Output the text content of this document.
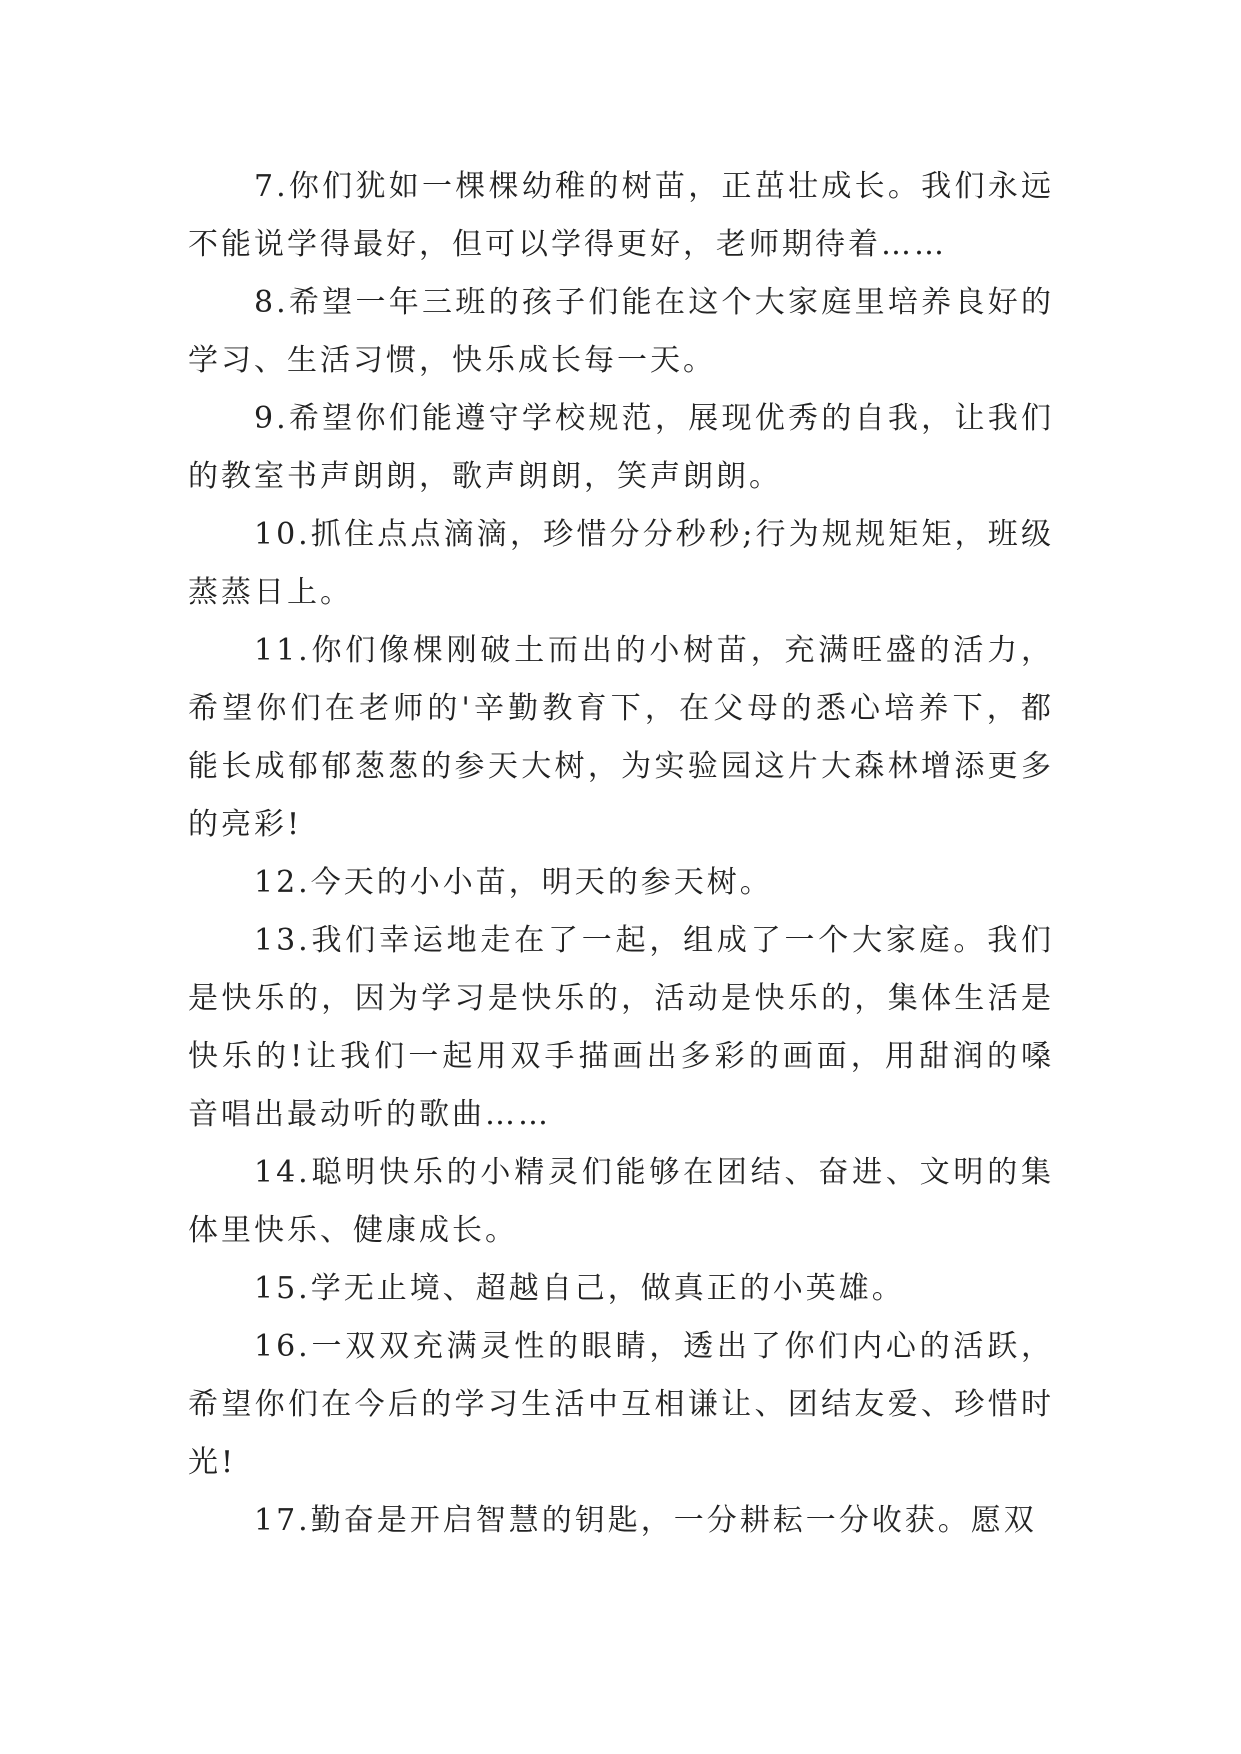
7.你们犹如一棵棵幼稚的树苗，正茁壮成长。我们永远不能说学得最好，但可以学得更好，老师期待着……

8.希望一年三班的孩子们能在这个大家庭里培养良好的学习、生活习惯，快乐成长每一天。

9.希望你们能遵守学校规范，展现优秀的自我，让我们的教室书声朗朗，歌声朗朗，笑声朗朗。

10.抓住点点滴滴，珍惜分分秒秒;行为规规矩矩，班级蒸蒸日上。

11.你们像棵刚破土而出的小树苗，充满旺盛的活力，希望你们在老师的'辛勤教育下，在父母的悉心培养下，都能长成郁郁葱葱的参天大树，为实验园这片大森林增添更多的亮彩!

12.今天的小小苗，明天的参天树。

13.我们幸运地走在了一起，组成了一个大家庭。我们是快乐的，因为学习是快乐的，活动是快乐的，集体生活是快乐的!让我们一起用双手描画出多彩的画面，用甜润的嗓音唱出最动听的歌曲……

14.聪明快乐的小精灵们能够在团结、奋进、文明的集体里快乐、健康成长。

15.学无止境、超越自己，做真正的小英雄。

16.一双双充满灵性的眼睛，透出了你们内心的活跃，希望你们在今后的学习生活中互相谦让、团结友爱、珍惜时光!

17.勤奋是开启智慧的钥匙，一分耕耘一分收获。愿双
